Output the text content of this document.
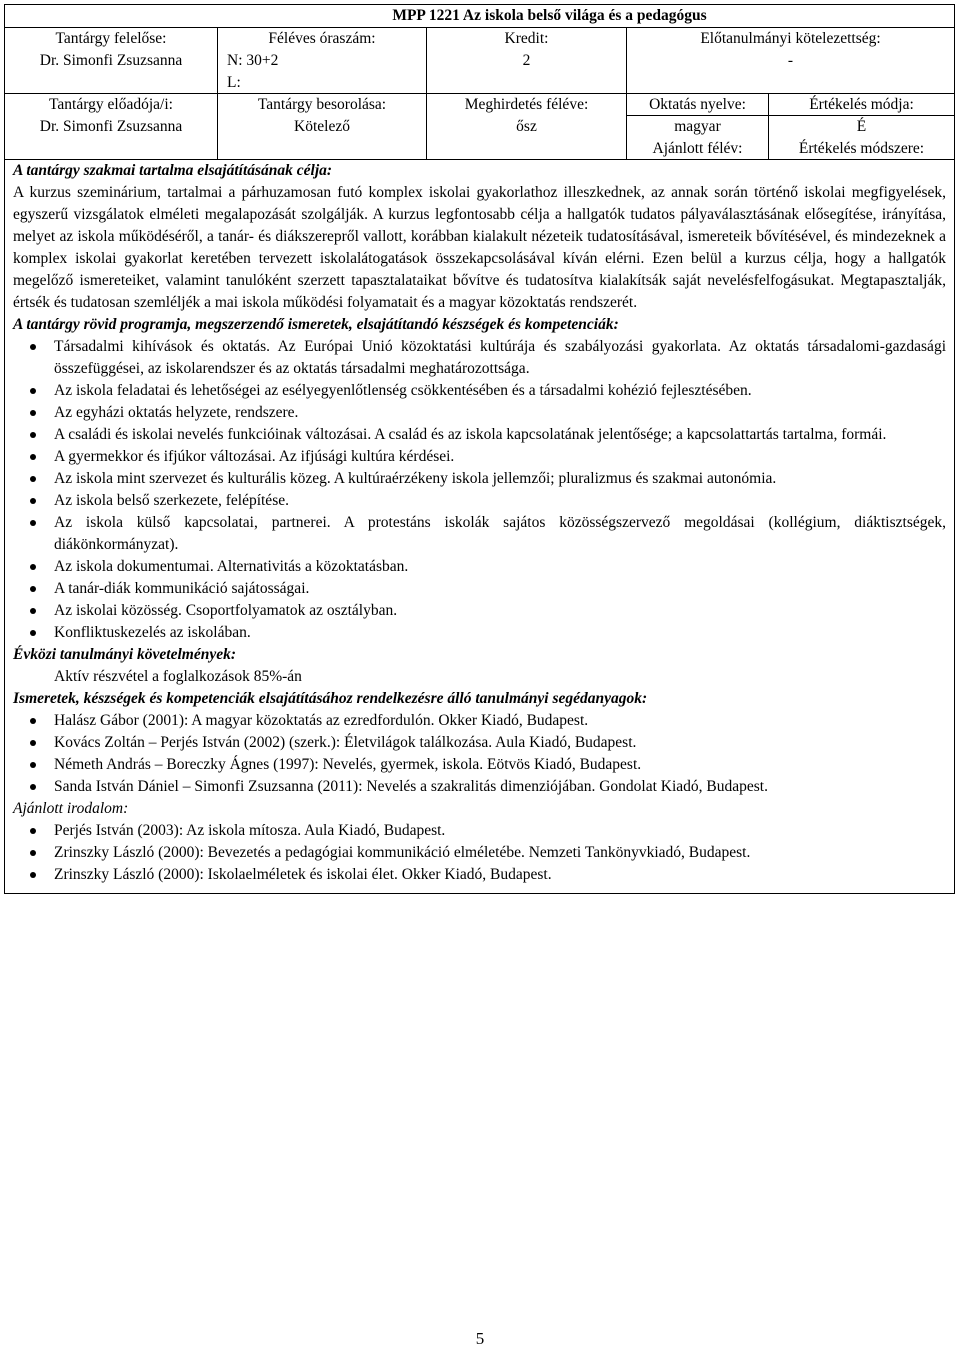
MPP 1221 Az iskola belső világa és a pedagógus
Tantárgy felelőse:
Dr. Simonfi Zsuzsanna
Féléves óraszám:
N: 30+2
L:
Kredit:
2
Előtanulmányi kötelezettség:
-
Tantárgy előadója/i:
Dr. Simonfi Zsuzsanna
Tantárgy besorolása:
Kötelező
Meghirdetés féléve:
ősz
Oktatás nyelve:
magyar
Ajánlott félév:
Értékelés módja:
É
Értékelés módszere:
A tantárgy szakmai tartalma elsajátításának célja:
A kurzus szeminárium, tartalmai a párhuzamosan futó komplex iskolai gyakorlathoz illeszkednek, az annak során történő iskolai megfigyelések, egyszerű vizsgálatok elméleti megalapozását szolgálják. A kurzus legfontosabb célja a hallgatók tudatos pályaválasztásának elősegítése, irányítása, melyet az iskola működéséről, a tanár- és diákszerepről vallott, korábban kialakult nézeteik tudatosításával, ismereteik bővítésével, és mindezeknek a komplex iskolai gyakorlat keretében tervezett iskolalátogatások összekapcsolásával kíván elérni. Ezen belül a kurzus célja, hogy a hallgatók megelőző ismereteiket, valamint tanulóként szerzett tapasztalataikat bővítve és tudatosítva kialakítsák saját nevelésfelfogásukat. Megtapasztalják, értsék és tudatosan szemléljék a mai iskola működési folyamatait és a magyar közoktatás rendszerét.
A tantárgy rövid programja, megszerzendő ismeretek, elsajátítandó készségek és kompetenciák:
Társadalmi kihívások és oktatás. Az Európai Unió közoktatási kultúrája és szabályozási gyakorlata. Az oktatás társadalomi-gazdasági összefüggései, az iskolarendszer és az oktatás társadalmi meghatározottsága.
Az iskola feladatai és lehetőségei az esélyegyenlőtlenség csökkentésében és a társadalmi kohézió fejlesztésében.
Az egyházi oktatás helyzete, rendszere.
A családi és iskolai nevelés funkcióinak változásai. A család és az iskola kapcsolatának jelentősége; a kapcsolattartás tartalma, formái.
A gyermekkor és ifjúkor változásai. Az ifjúsági kultúra kérdései.
Az iskola mint szervezet és kulturális közeg. A kultúraérzékeny iskola jellemzői; pluralizmus és szakmai autonómia.
Az iskola belső szerkezete, felépítése.
Az iskola külső kapcsolatai, partnerei. A protestáns iskolák sajátos közösségszervező megoldásai (kollégium, diáktisztségek, diákönkormányzat).
Az iskola dokumentumai. Alternativitás a közoktatásban.
A tanár-diák kommunikáció sajátosságai.
Az iskolai közösség. Csoportfolyamatok az osztályban.
Konfliktuskezelés az iskolában.
Évközi tanulmányi követelmények:
Aktív részvétel a foglalkozások 85%-án
Ismeretek, készségek és kompetenciák elsajátításához rendelkezésre álló tanulmányi segédanyagok:
Halász Gábor (2001): A magyar közoktatás az ezredfordulón. Okker Kiadó, Budapest.
Kovács Zoltán – Perjés István (2002) (szerk.): Életvilágok találkozása. Aula Kiadó, Budapest.
Németh András – Boreczky Ágnes (1997): Nevelés, gyermek, iskola. Eötvös Kiadó, Budapest.
Sanda István Dániel – Simonfi Zsuzsanna (2011): Nevelés a szakralitás dimenziójában. Gondolat Kiadó, Budapest.
Ajánlott irodalom:
Perjés István (2003): Az iskola mítosza. Aula Kiadó, Budapest.
Zrinszky László (2000): Bevezetés a pedagógiai kommunikáció elméletébe. Nemzeti Tankönyvkiadó, Budapest.
Zrinszky László (2000): Iskolaelméletek és iskolai élet. Okker Kiadó, Budapest.
5
